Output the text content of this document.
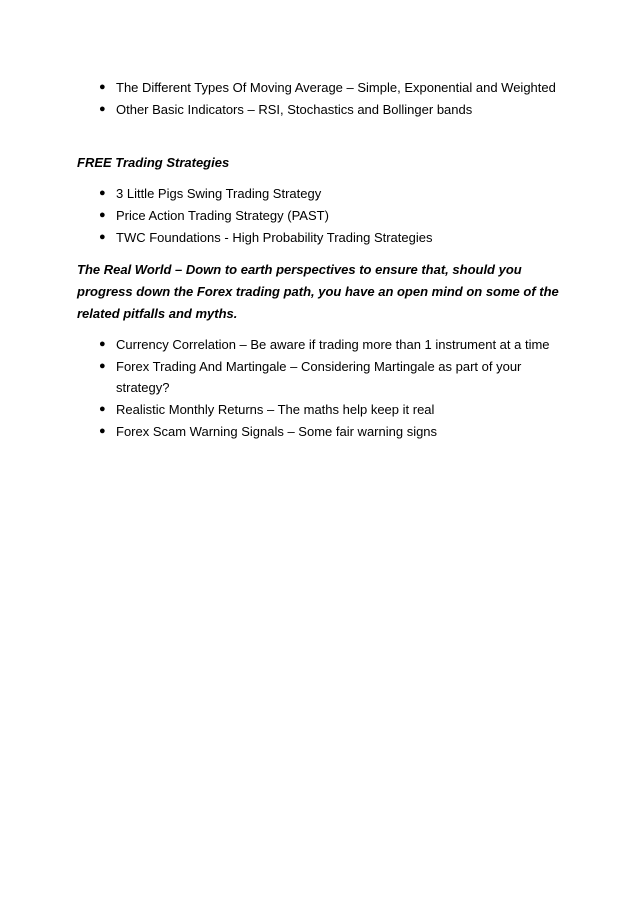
● The Different Types Of Moving Average – Simple, Exponential and Weighted
● Other Basic Indicators – RSI, Stochastics and Bollinger bands

FREE Trading Strategies

● 3 Little Pigs Swing Trading Strategy
● Price Action Trading Strategy (PAST)
● TWC Foundations - High Probability Trading Strategies

The Real World – Down to earth perspectives to ensure that, should you progress down the Forex trading path, you have an open mind on some of the related pitfalls and myths.

● Currency Correlation – Be aware if trading more than 1 instrument at a time
● Forex Trading And Martingale – Considering Martingale as part of your strategy?
● Realistic Monthly Returns – The maths help keep it real
● Forex Scam Warning Signals – Some fair warning signs
